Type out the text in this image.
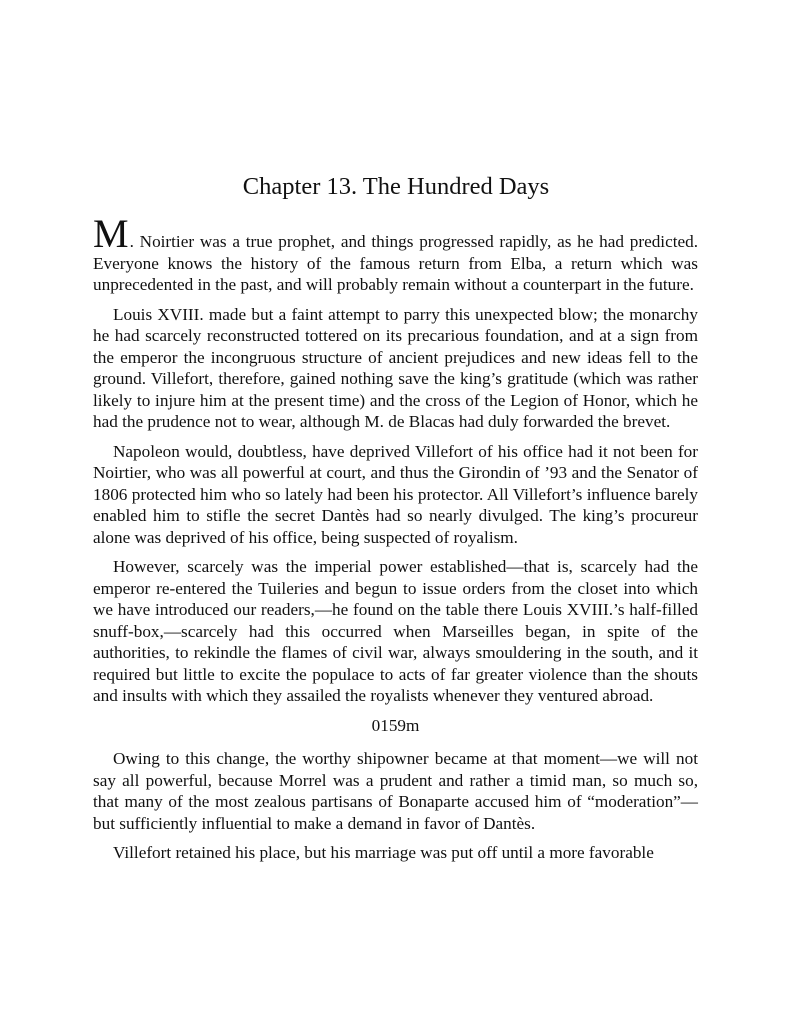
Chapter 13. The Hundred Days

M. Noirtier was a true prophet, and things progressed rapidly, as he had predicted. Everyone knows the history of the famous return from Elba, a return which was unprecedented in the past, and will probably remain without a counterpart in the future.

Louis XVIII. made but a faint attempt to parry this unexpected blow; the monarchy he had scarcely reconstructed tottered on its precarious foundation, and at a sign from the emperor the incongruous structure of ancient prejudices and new ideas fell to the ground. Villefort, therefore, gained nothing save the king’s gratitude (which was rather likely to injure him at the present time) and the cross of the Legion of Honor, which he had the prudence not to wear, although M. de Blacas had duly forwarded the brevet.

Napoleon would, doubtless, have deprived Villefort of his office had it not been for Noirtier, who was all powerful at court, and thus the Girondin of ’93 and the Senator of 1806 protected him who so lately had been his protector. All Villefort’s influence barely enabled him to stifle the secret Dantès had so nearly divulged. The king’s procureur alone was deprived of his office, being suspected of royalism.

However, scarcely was the imperial power established—that is, scarcely had the emperor re-entered the Tuileries and begun to issue orders from the closet into which we have introduced our readers,—he found on the table there Louis XVIII.’s half-filled snuff-box,—scarcely had this occurred when Marseilles began, in spite of the authorities, to rekindle the flames of civil war, always smouldering in the south, and it required but little to excite the populace to acts of far greater violence than the shouts and insults with which they assailed the royalists whenever they ventured abroad.

0159m

Owing to this change, the worthy shipowner became at that moment—we will not say all powerful, because Morrel was a prudent and rather a timid man, so much so, that many of the most zealous partisans of Bonaparte accused him of “moderation”—but sufficiently influential to make a demand in favor of Dantès.

Villefort retained his place, but his marriage was put off until a more favorable
